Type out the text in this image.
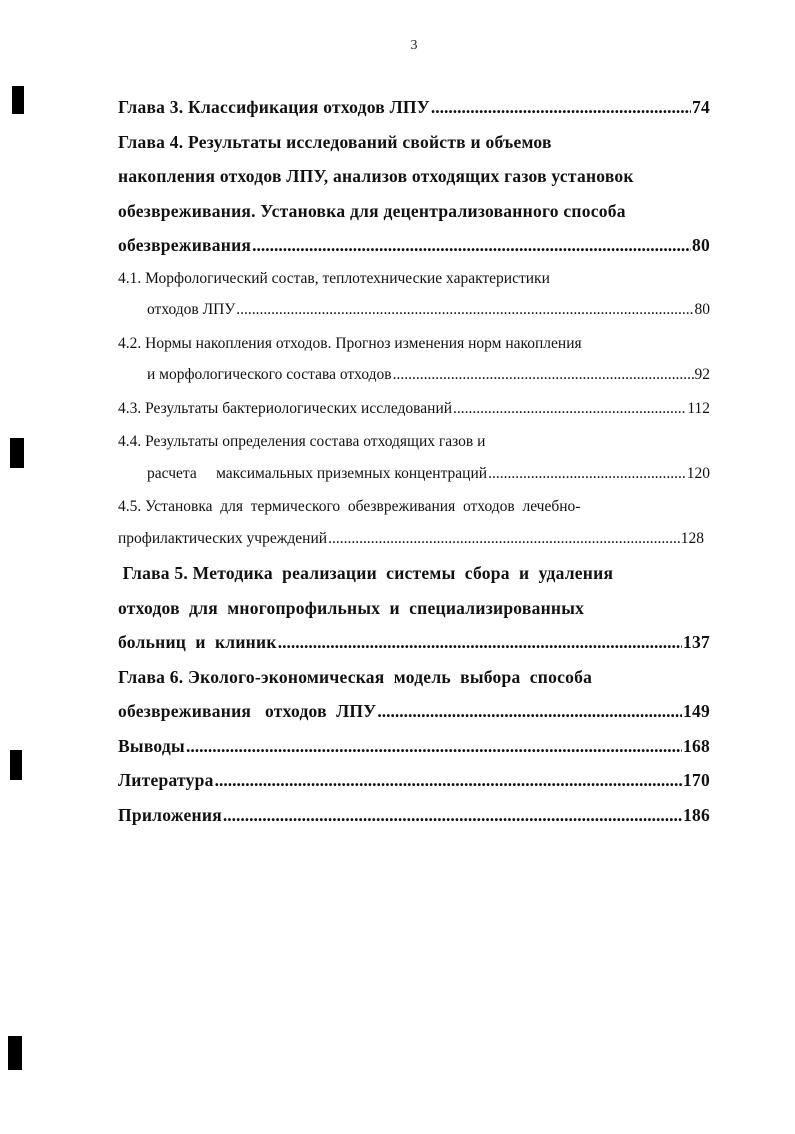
3
Глава 3. Классификация отходов ЛПУ .....	74
Глава 4. Результаты исследований свойств и объемов
накопления отходов ЛПУ, анализов отходящих газов установок
обезвреживания. Установка для децентрализованного способа
обезвреживания .....	80
4.1. Морфологический состав, теплотехнические характеристики
отходов ЛПУ .....	80
4.2. Нормы накопления отходов. Прогноз изменения норм накопления
и морфологического состава отходов .....	92
4.3. Результаты бактериологических исследований .....	112
4.4. Результаты определения состава отходящих газов и
расчета     максимальных приземных концентраций .....	120
4.5. Установка  для  термического  обезвреживания  отходов  лечебно-
профилактических учреждений .....	128
Глава 5. Методика  реализации  системы  сбора  и  удаления
отходов  для  многопрофильных  и  специализированных
больниц  и  клиник .....	137
Глава 6. Эколого-экономическая  модель  выбора  способа
обезвреживания   отходов  ЛПУ .....	149
Выводы .....	168
Литература .....	170
Приложения .....	186
